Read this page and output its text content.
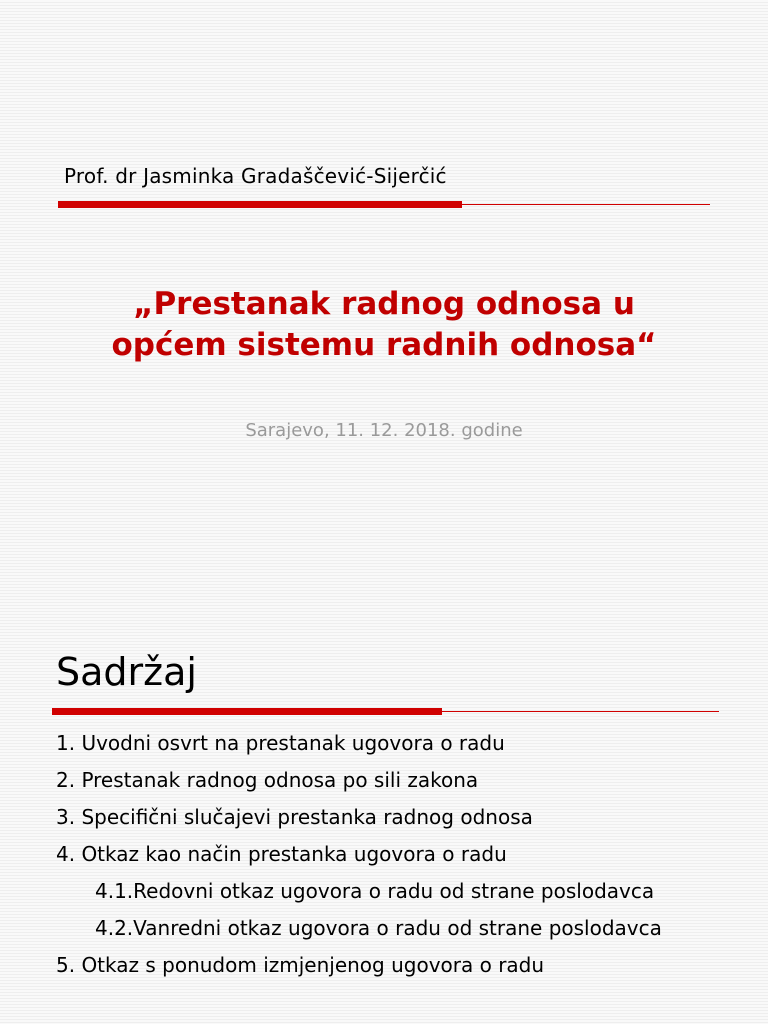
Prof. dr Jasminka Gradaščević-Sijerčić
„Prestanak radnog odnosa u
općem sistemu radnih odnosa“
Sarajevo, 11. 12. 2018. godine
Sadržaj
1. Uvodni osvrt na prestanak ugovora o radu
2. Prestanak radnog odnosa po sili zakona
3. Specifični slučajevi prestanka radnog odnosa
4. Otkaz kao način prestanka ugovora o radu
4.1.Redovni otkaz ugovora o radu od strane poslodavca
4.2.Vanredni otkaz ugovora o radu od strane poslodavca
5. Otkaz s ponudom izmjenjenog ugovora o radu
